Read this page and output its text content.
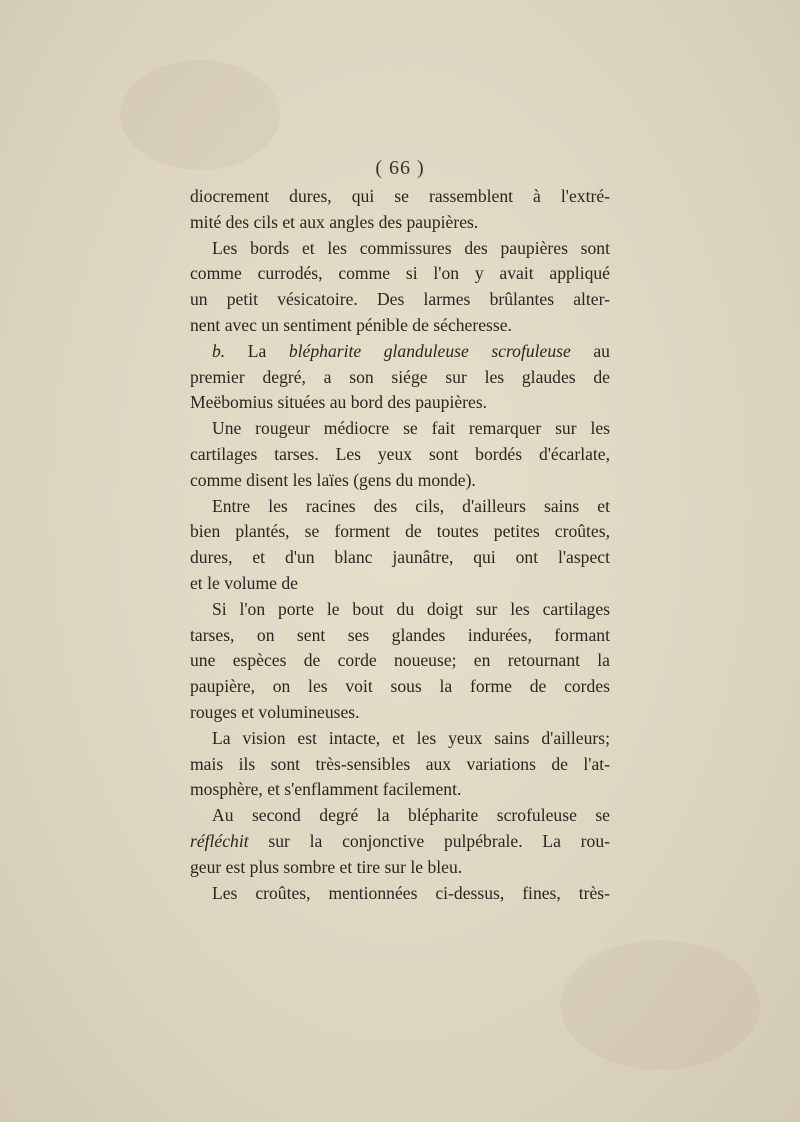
( 66 )
diocrement dures, qui se rassemblent à l'extré-
mité des cils et aux angles des paupières.
Les bords et les commissures des paupières sont
comme currodés, comme si l'on y avait appliqué
un petit vésicatoire. Des larmes brûlantes alter-
nent avec un sentiment pénible de sécheresse.
b. La blépharite glanduleuse scrofuleuse au
premier degré, a son siége sur les glaudes de
Meëbomius situées au bord des paupières.
Une rougeur médiocre se fait remarquer sur les
cartilages tarses. Les yeux sont bordés d'écarlate,
comme disent les laïes (gens du monde).
Entre les racines des cils, d'ailleurs sains et
bien plantés, se forment de toutes petites croûtes,
dures, et d'un blanc jaunâtre, qui ont l'aspect
et le volume de
Si l'on porte le bout du doigt sur les cartilages
tarses, on sent ses glandes indurées, formant
une espèces de corde noueuse; en retournant la
paupière, on les voit sous la forme de cordes
rouges et volumineuses.
La vision est intacte, et les yeux sains d'ailleurs;
mais ils sont très-sensibles aux variations de l'at-
mosphère, et s'enflamment facilement.
Au second degré la blépharite scrofuleuse se
réfléchit sur la conjonctive pulpébrale. La rou-
geur est plus sombre et tire sur le bleu.
Les croûtes, mentionnées ci-dessus, fines, très-
